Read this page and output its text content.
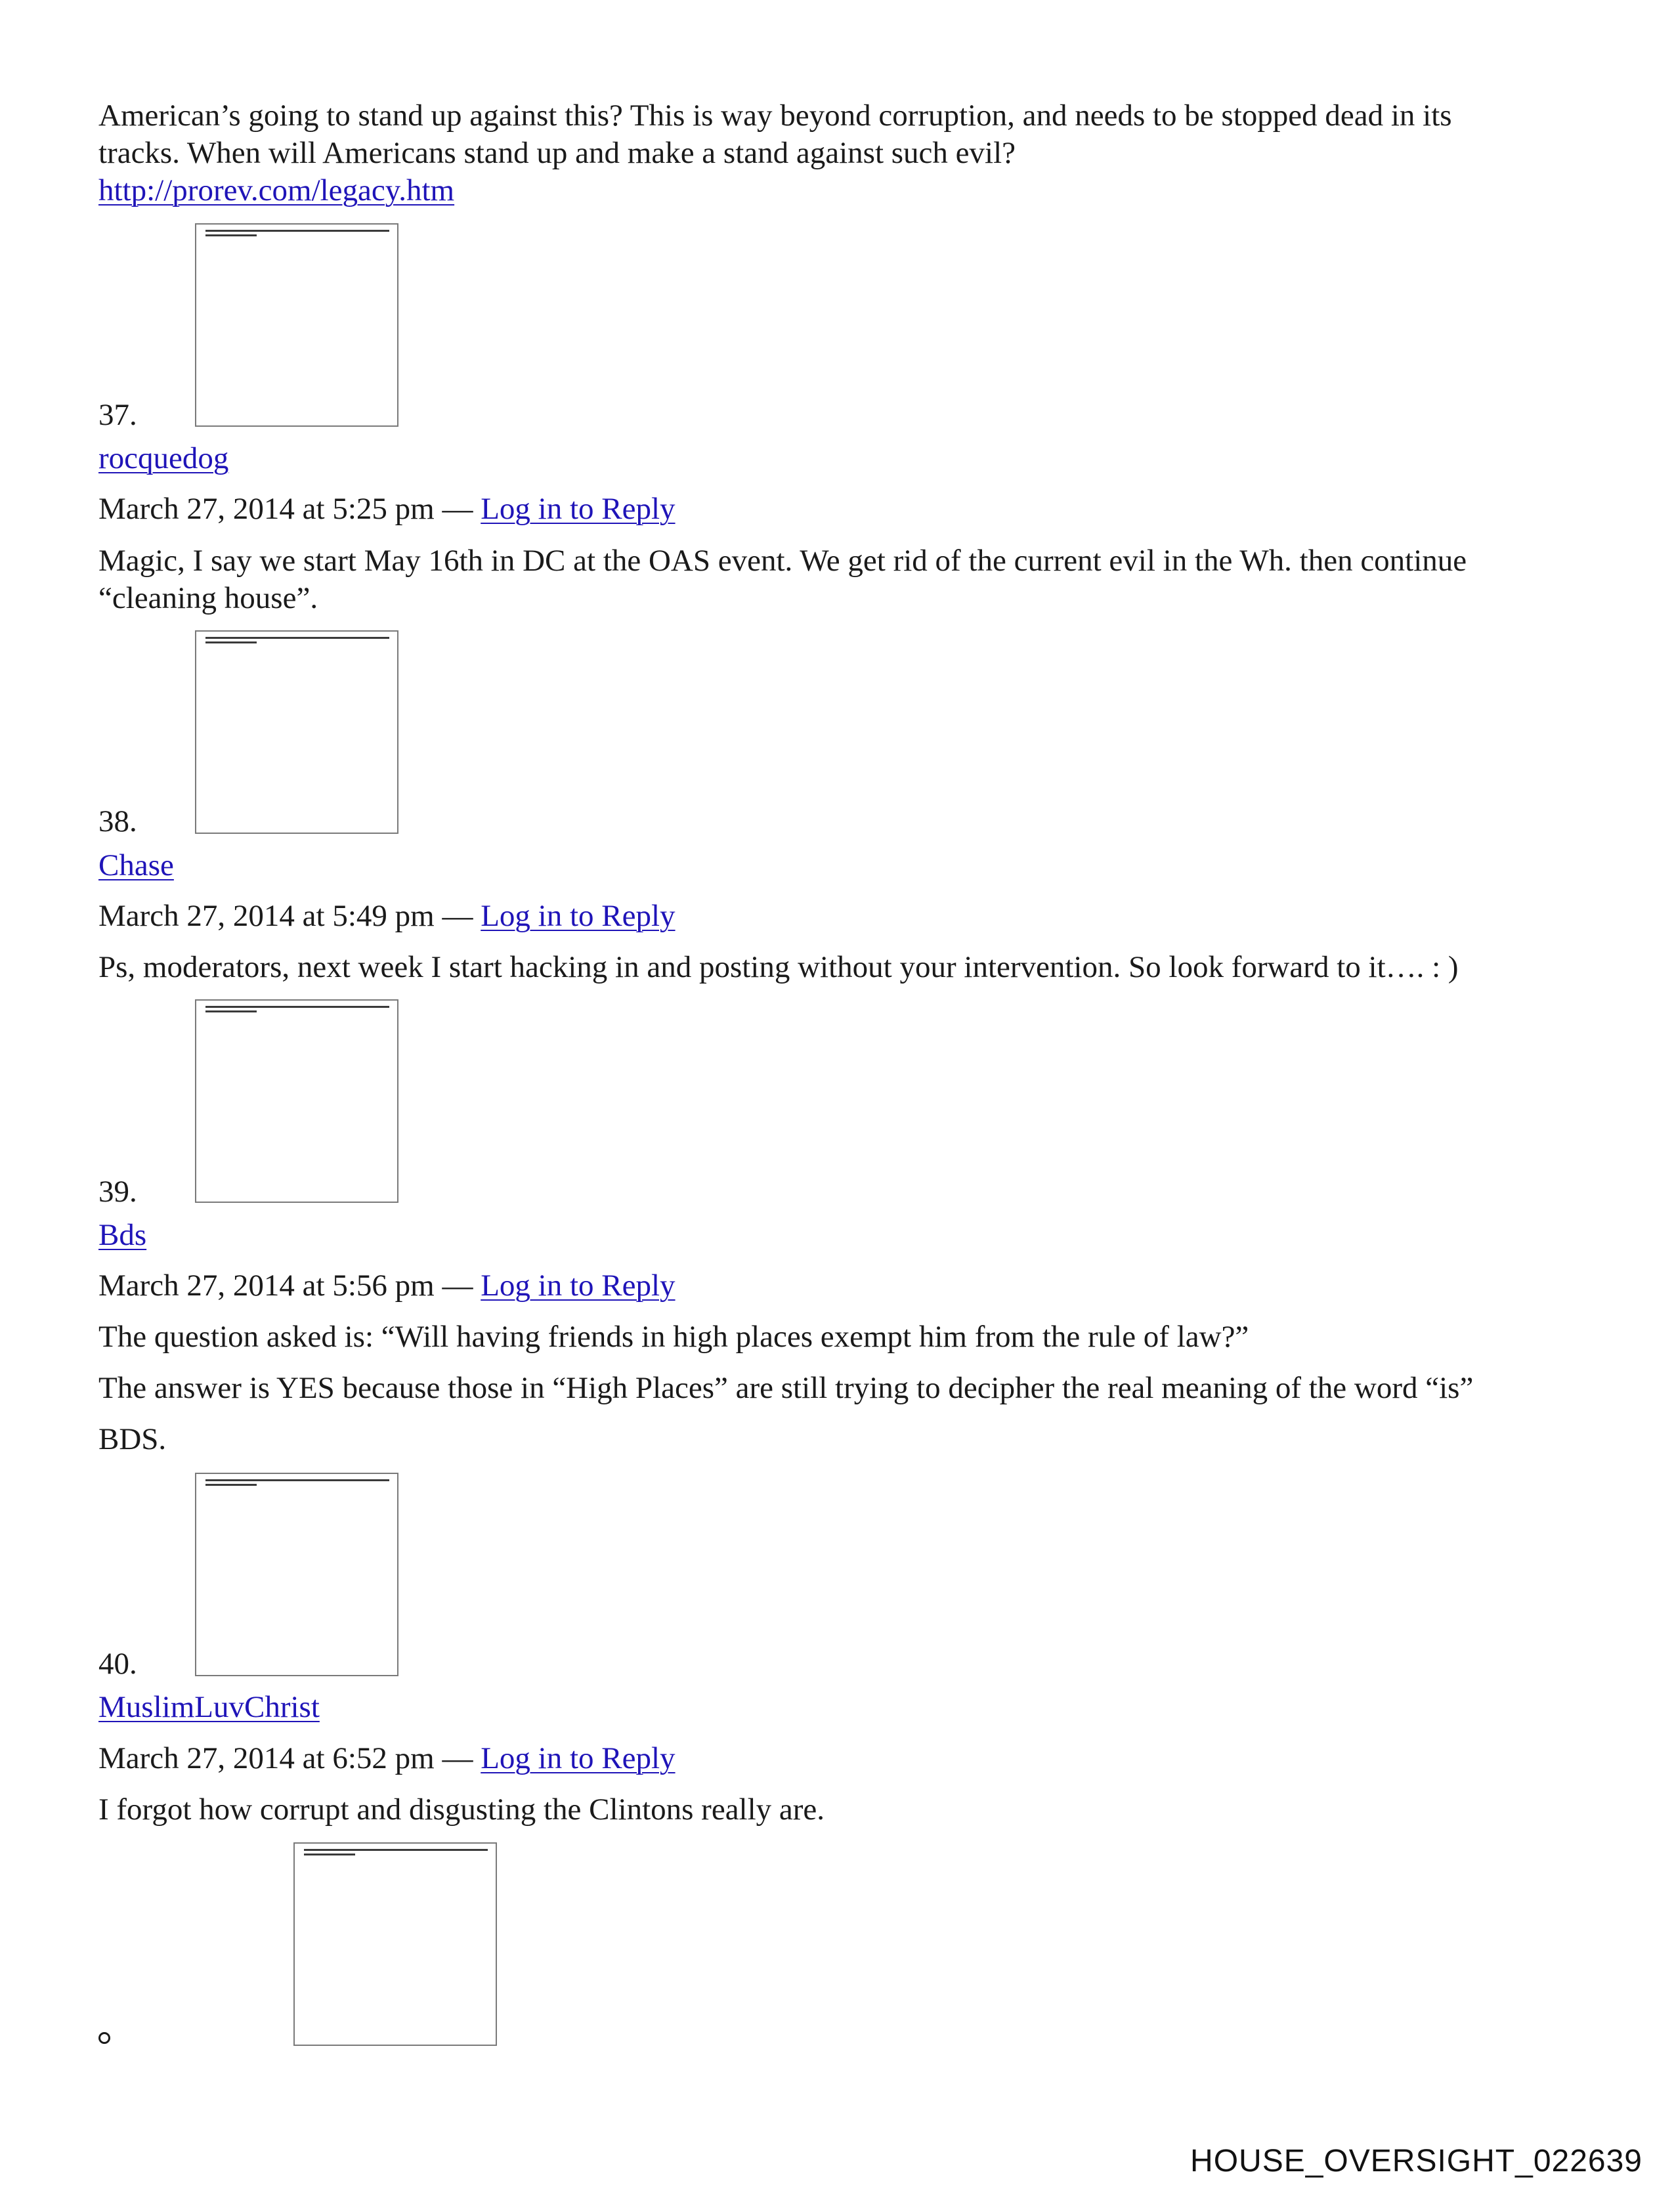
American’s going to stand up against this? This is way beyond corruption, and needs to be stopped dead in its
tracks. When will Americans stand up and make a stand against such evil?
http://prorev.com/legacy.htm
37.
rocquedog
March 27, 2014 at 5:25 pm — Log in to Reply
Magic, I say we start May 16th in DC at the OAS event. We get rid of the current evil in the Wh. then continue
“cleaning house”.
38.
Chase
March 27, 2014 at 5:49 pm — Log in to Reply
Ps, moderators, next week I start hacking in and posting without your intervention. So look forward to it…. : )
39.
Bds
March 27, 2014 at 5:56 pm — Log in to Reply
The question asked is: “Will having friends in high places exempt him from the rule of law?”
The answer is YES because those in “High Places” are still trying to decipher the real meaning of the word “is”
BDS.
40.
MuslimLuvChrist
March 27, 2014 at 6:52 pm — Log in to Reply
I forgot how corrupt and disgusting the Clintons really are.
HOUSE_OVERSIGHT_022639
